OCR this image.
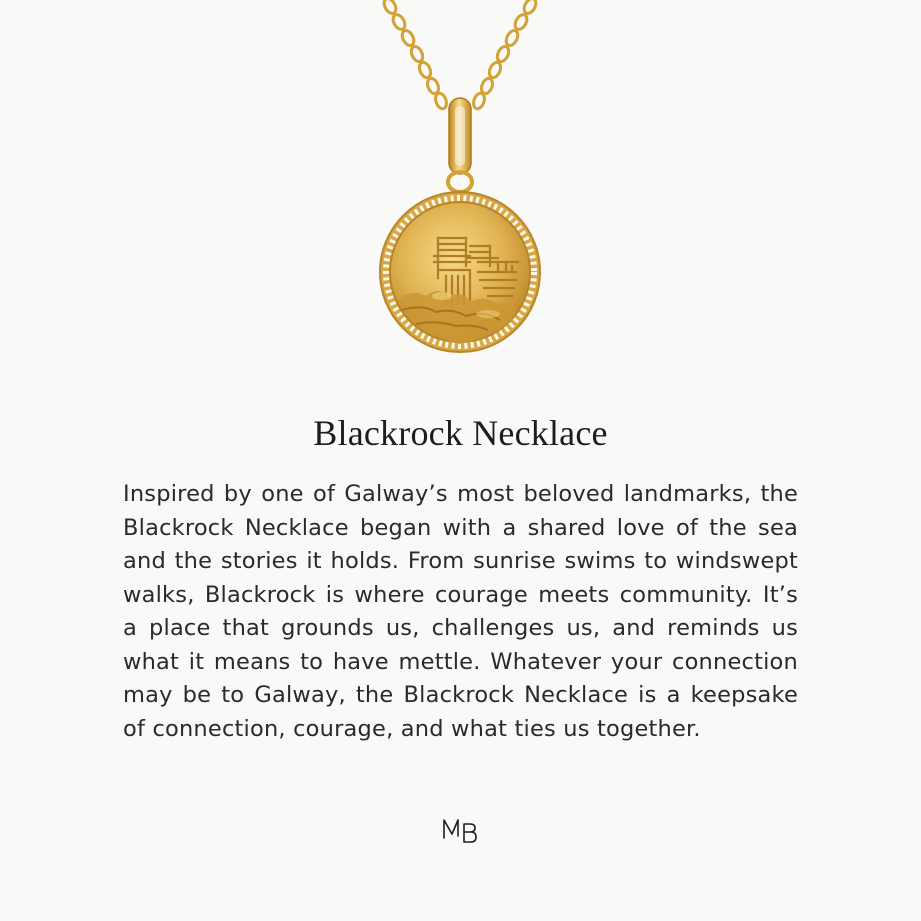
Blackrock Necklace

Inspired by one of Galway’s most beloved landmarks, the Blackrock Necklace began with a shared love of the sea and the stories it holds. From sunrise swims to windswept walks, Blackrock is where courage meets community. It’s a place that grounds us, challenges us, and reminds us what it means to have mettle. Whatever your connection may be to Galway, the Blackrock Necklace is a keepsake of connection, courage, and what ties us together.
